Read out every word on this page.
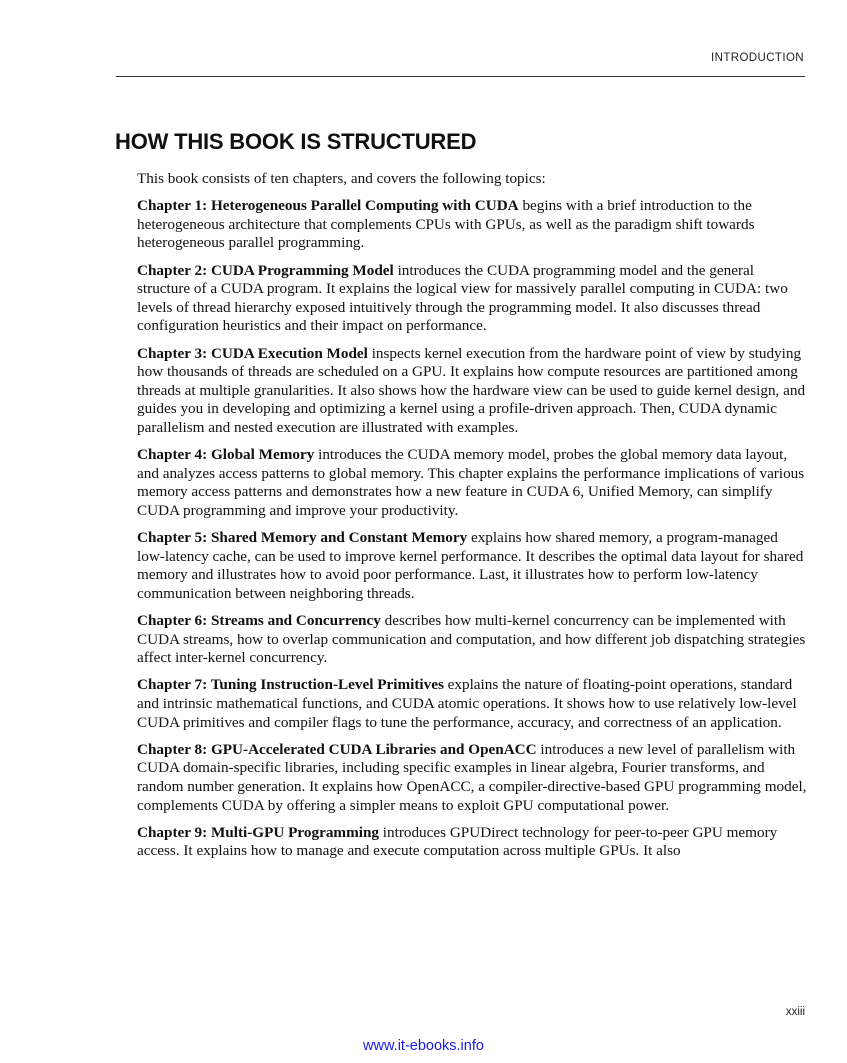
INTRODUCTION
HOW THIS BOOK IS STRUCTURED

This book consists of ten chapters, and covers the following topics:

Chapter 1: Heterogeneous Parallel Computing with CUDA begins with a brief introduction to the heterogeneous architecture that complements CPUs with GPUs, as well as the paradigm shift towards heterogeneous parallel programming.

Chapter 2: CUDA Programming Model introduces the CUDA programming model and the general structure of a CUDA program. It explains the logical view for massively parallel computing in CUDA: two levels of thread hierarchy exposed intuitively through the programming model. It also discusses thread configuration heuristics and their impact on performance.

Chapter 3: CUDA Execution Model inspects kernel execution from the hardware point of view by studying how thousands of threads are scheduled on a GPU. It explains how compute resources are partitioned among threads at multiple granularities. It also shows how the hardware view can be used to guide kernel design, and guides you in developing and optimizing a kernel using a profile-driven approach. Then, CUDA dynamic parallelism and nested execution are illustrated with examples.

Chapter 4: Global Memory introduces the CUDA memory model, probes the global memory data layout, and analyzes access patterns to global memory. This chapter explains the performance implications of various memory access patterns and demonstrates how a new feature in CUDA 6, Unified Memory, can simplify CUDA programming and improve your productivity.

Chapter 5: Shared Memory and Constant Memory explains how shared memory, a program-managed low-latency cache, can be used to improve kernel performance. It describes the optimal data layout for shared memory and illustrates how to avoid poor performance. Last, it illustrates how to perform low-latency communication between neighboring threads.

Chapter 6: Streams and Concurrency describes how multi-kernel concurrency can be implemented with CUDA streams, how to overlap communication and computation, and how different job dispatching strategies affect inter-kernel concurrency.

Chapter 7: Tuning Instruction-Level Primitives explains the nature of floating-point operations, standard and intrinsic mathematical functions, and CUDA atomic operations. It shows how to use relatively low-level CUDA primitives and compiler flags to tune the performance, accuracy, and correctness of an application.

Chapter 8: GPU-Accelerated CUDA Libraries and OpenACC introduces a new level of parallelism with CUDA domain-specific libraries, including specific examples in linear algebra, Fourier transforms, and random number generation. It explains how OpenACC, a compiler-directive-based GPU programming model, complements CUDA by offering a simpler means to exploit GPU computational power.

Chapter 9: Multi-GPU Programming introduces GPUDirect technology for peer-to-peer GPU memory access. It explains how to manage and execute computation across multiple GPUs. It also

xxiii
www.it-ebooks.info
